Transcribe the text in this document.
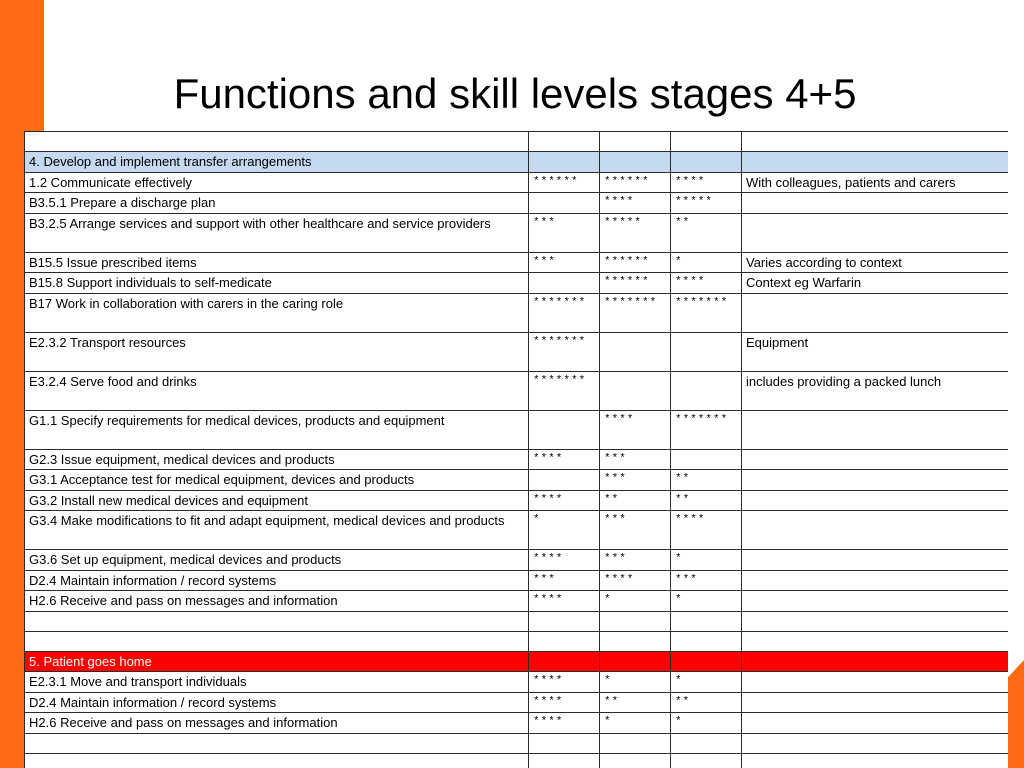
Functions and skill levels stages 4+5

4. Develop and implement transfer arrangements				
1.2 Communicate effectively	******	******	****	With colleagues, patients and carers
B3.5.1 Prepare a discharge plan		****	*****	
B3.2.5 Arrange services and support with other healthcare and service providers	***	*****	**	
B15.5 Issue prescribed items	***	******	*	Varies according to context
B15.8 Support individuals to self-medicate		******	****	Context eg Warfarin
B17 Work in collaboration with carers in the caring role	*******	*******	*******	
E2.3.2 Transport resources	*******			Equipment
E3.2.4 Serve food and drinks	*******			includes providing a packed lunch
G1.1 Specify requirements for medical devices, products and equipment		****	*******	
G2.3 Issue equipment, medical devices and products	****	***		
G3.1 Acceptance test for medical equipment, devices and products		***	**	
G3.2 Install new medical devices and equipment	****	**	**	
G3.4 Make modifications to fit and adapt equipment, medical devices and products	*	***	****	
G3.6 Set up equipment, medical devices and products	****	***	*	
D2.4 Maintain information / record systems	***	****	***	
H2.6 Receive and pass on messages and information	****	*	*	

5. Patient goes home				
E2.3.1 Move and transport individuals	****	*	*	
D2.4 Maintain information / record systems	****	**	**	
H2.6 Receive and pass on messages and information	****	*	*	
